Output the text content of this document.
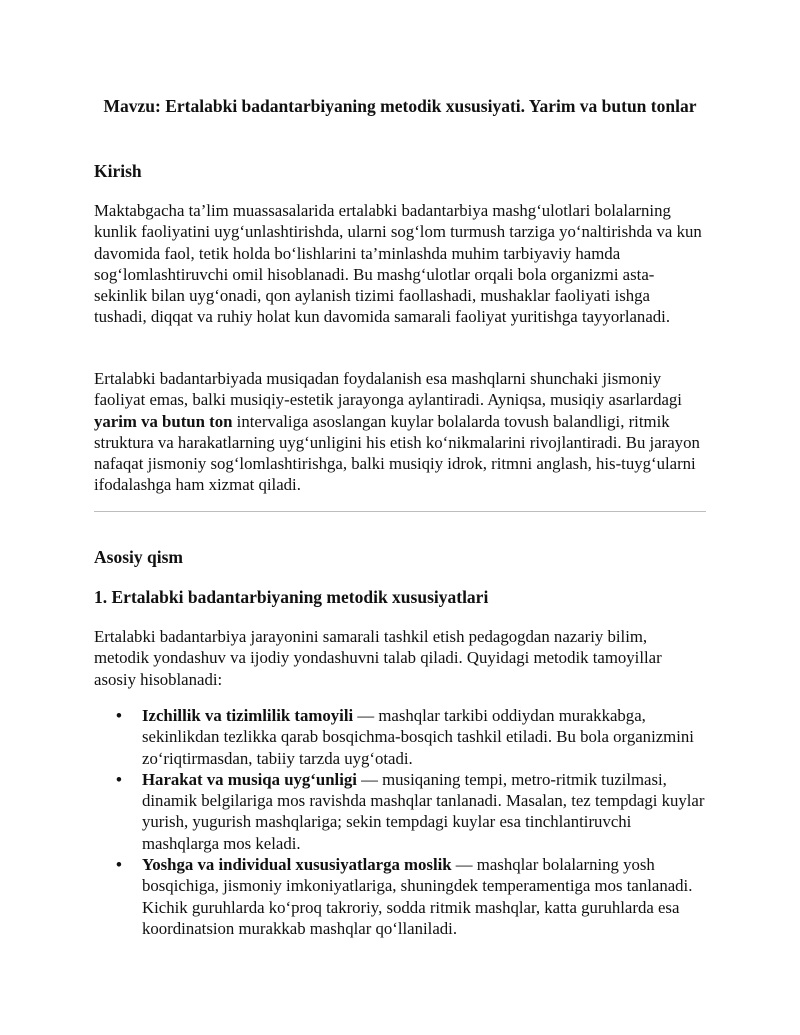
Mavzu: Ertalabki badantarbiyaning metodik xususiyati. Yarim va butun tonlar
Kirish
Maktabgacha ta’lim muassasalarida ertalabki badantarbiya mashg‘ulotlari bolalarning kunlik faoliyatini uyg‘unlashtirishda, ularni sog‘lom turmush tarziga yo‘naltirishda va kun davomida faol, tetik holda bo‘lishlarini ta’minlashda muhim tarbiyaviy hamda sog‘lomlashtiruvchi omil hisoblanadi. Bu mashg‘ulotlar orqali bola organizmi asta-sekinlik bilan uyg‘onadi, qon aylanish tizimi faollashadi, mushaklar faoliyati ishga tushadi, diqqat va ruhiy holat kun davomida samarali faoliyat yuritishga tayyorlanadi.
Ertalabki badantarbiyada musiqadan foydalanish esa mashqlarni shunchaki jismoniy faoliyat emas, balki musiqiy-estetik jarayonga aylantiradi. Ayniqsa, musiqiy asarlardagi yarim va butun ton intervaliga asoslangan kuylar bolalarda tovush balandligi, ritmik struktura va harakatlarning uyg‘unligini his etish ko‘nikmalarini rivojlantiradi. Bu jarayon nafaqat jismoniy sog‘lomlashtirishga, balki musiqiy idrok, ritmni anglash, his-tuyg‘ularni ifodalashga ham xizmat qiladi.
Asosiy qism
1. Ertalabki badantarbiyaning metodik xususiyatlari
Ertalabki badantarbiya jarayonini samarali tashkil etish pedagogdan nazariy bilim, metodik yondashuv va ijodiy yondashuvni talab qiladi. Quyidagi metodik tamoyillar asosiy hisoblanadi:
• Izchillik va tizimlilik tamoyili — mashqlar tarkibi oddiydan murakkabga, sekinlikdan tezlikka qarab bosqichma-bosqich tashkil etiladi. Bu bola organizmini zo‘riqtirmasdan, tabiiy tarzda uyg‘otadi.
• Harakat va musiqa uyg‘unligi — musiqaning tempi, metro-ritmik tuzilmasi, dinamik belgilariga mos ravishda mashqlar tanlanadi. Masalan, tez tempdagi kuylar yurish, yugurish mashqlariga; sekin tempdagi kuylar esa tinchlantiruvchi mashqlarga mos keladi.
• Yoshga va individual xususiyatlarga moslik — mashqlar bolalarning yosh bosqichiga, jismoniy imkoniyatlariga, shuningdek temperamentiga mos tanlanadi. Kichik guruhlarda ko‘proq takroriy, sodda ritmik mashqlar, katta guruhlarda esa koordinatsion murakkab mashqlar qo‘llaniladi.
